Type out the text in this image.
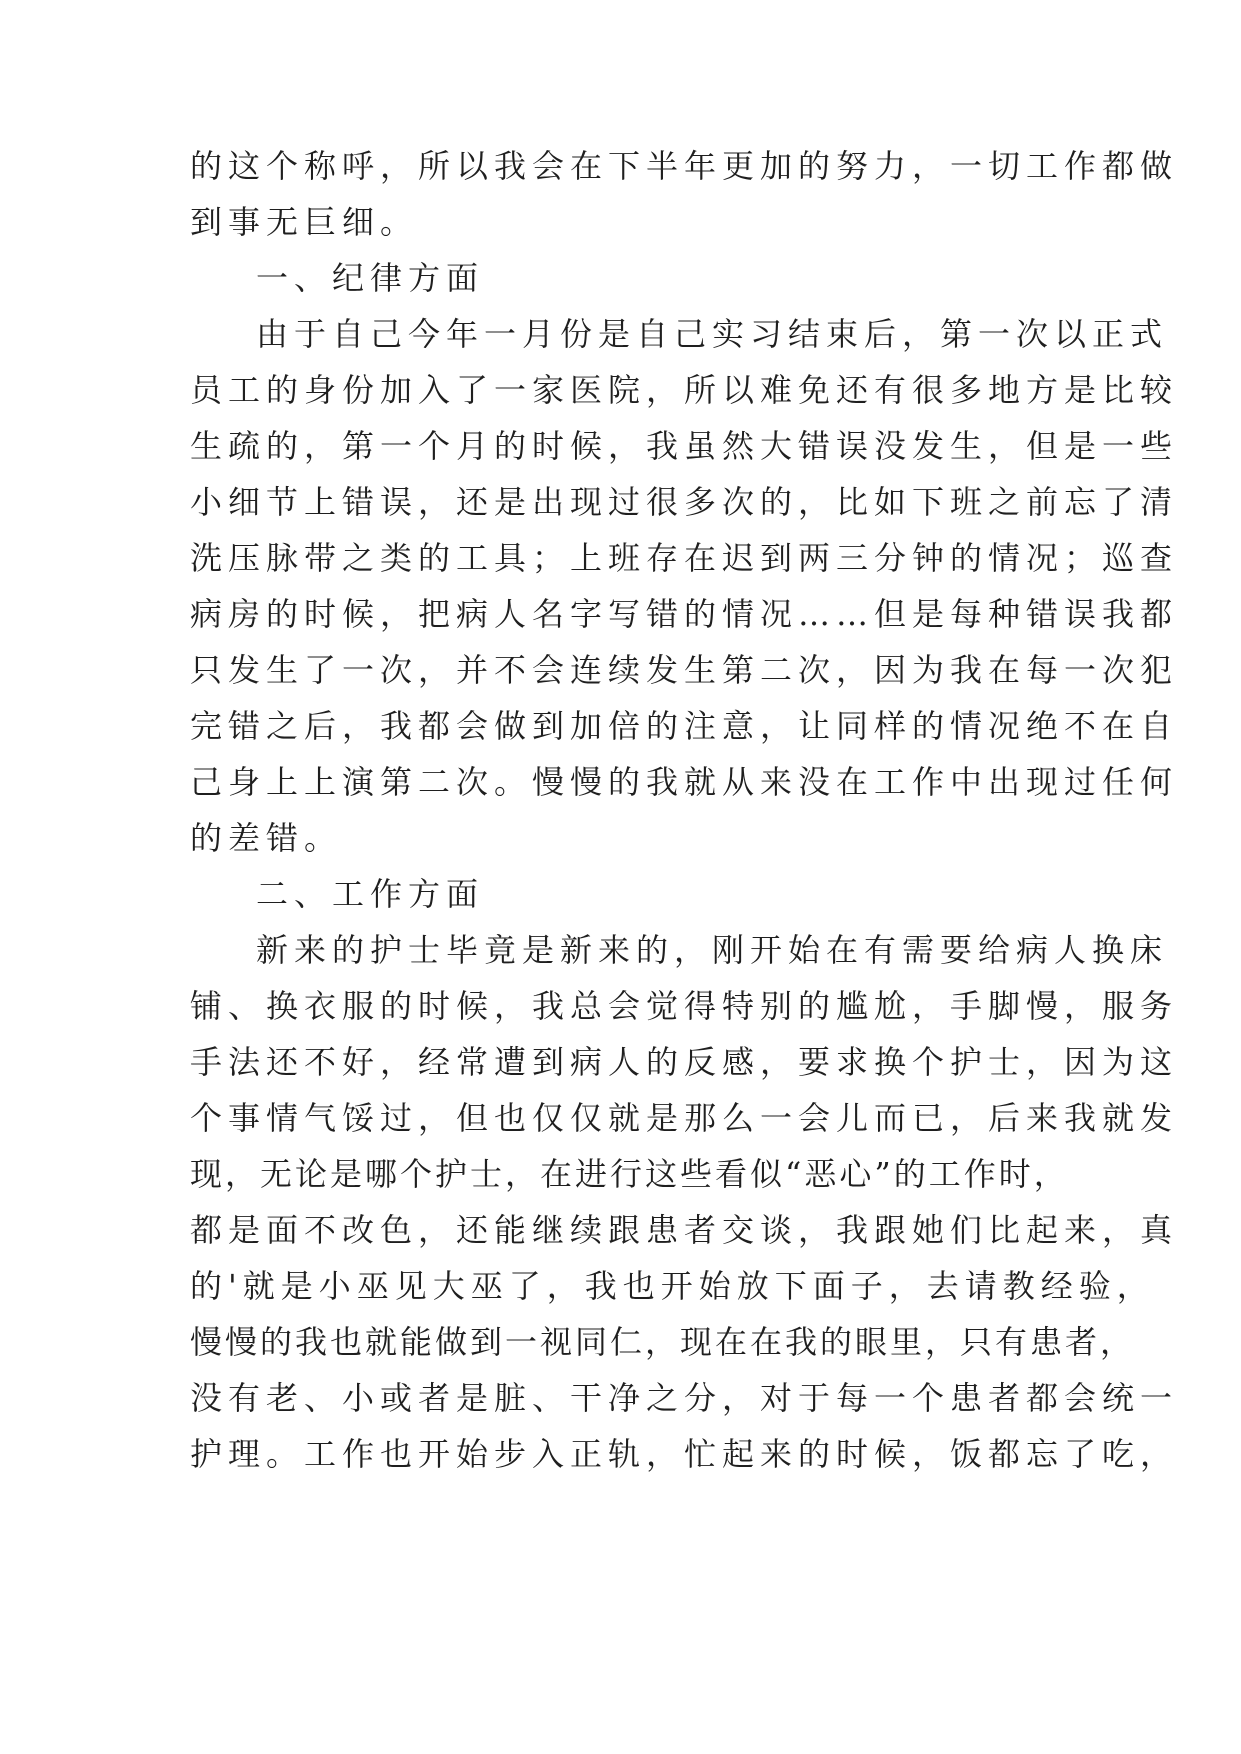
的这个称呼，所以我会在下半年更加的努力，一切工作都做
到事无巨细。
一、纪律方面
由于自己今年一月份是自己实习结束后，第一次以正式
员工的身份加入了一家医院，所以难免还有很多地方是比较
生疏的，第一个月的时候，我虽然大错误没发生，但是一些
小细节上错误，还是出现过很多次的，比如下班之前忘了清
洗压脉带之类的工具；上班存在迟到两三分钟的情况；巡查
病房的时候，把病人名字写错的情况……但是每种错误我都
只发生了一次，并不会连续发生第二次，因为我在每一次犯
完错之后，我都会做到加倍的注意，让同样的情况绝不在自
己身上上演第二次。慢慢的我就从来没在工作中出现过任何
的差错。
二、工作方面
新来的护士毕竟是新来的，刚开始在有需要给病人换床
铺、换衣服的时候，我总会觉得特别的尴尬，手脚慢，服务
手法还不好，经常遭到病人的反感，要求换个护士，因为这
个事情气馁过，但也仅仅就是那么一会儿而已，后来我就发
现，无论是哪个护士，在进行这些看似“恶心”的工作时，
都是面不改色，还能继续跟患者交谈，我跟她们比起来，真
的'就是小巫见大巫了，我也开始放下面子，去请教经验，
慢慢的我也就能做到一视同仁，现在在我的眼里，只有患者，
没有老、小或者是脏、干净之分，对于每一个患者都会统一
护理。工作也开始步入正轨，忙起来的时候，饭都忘了吃，
